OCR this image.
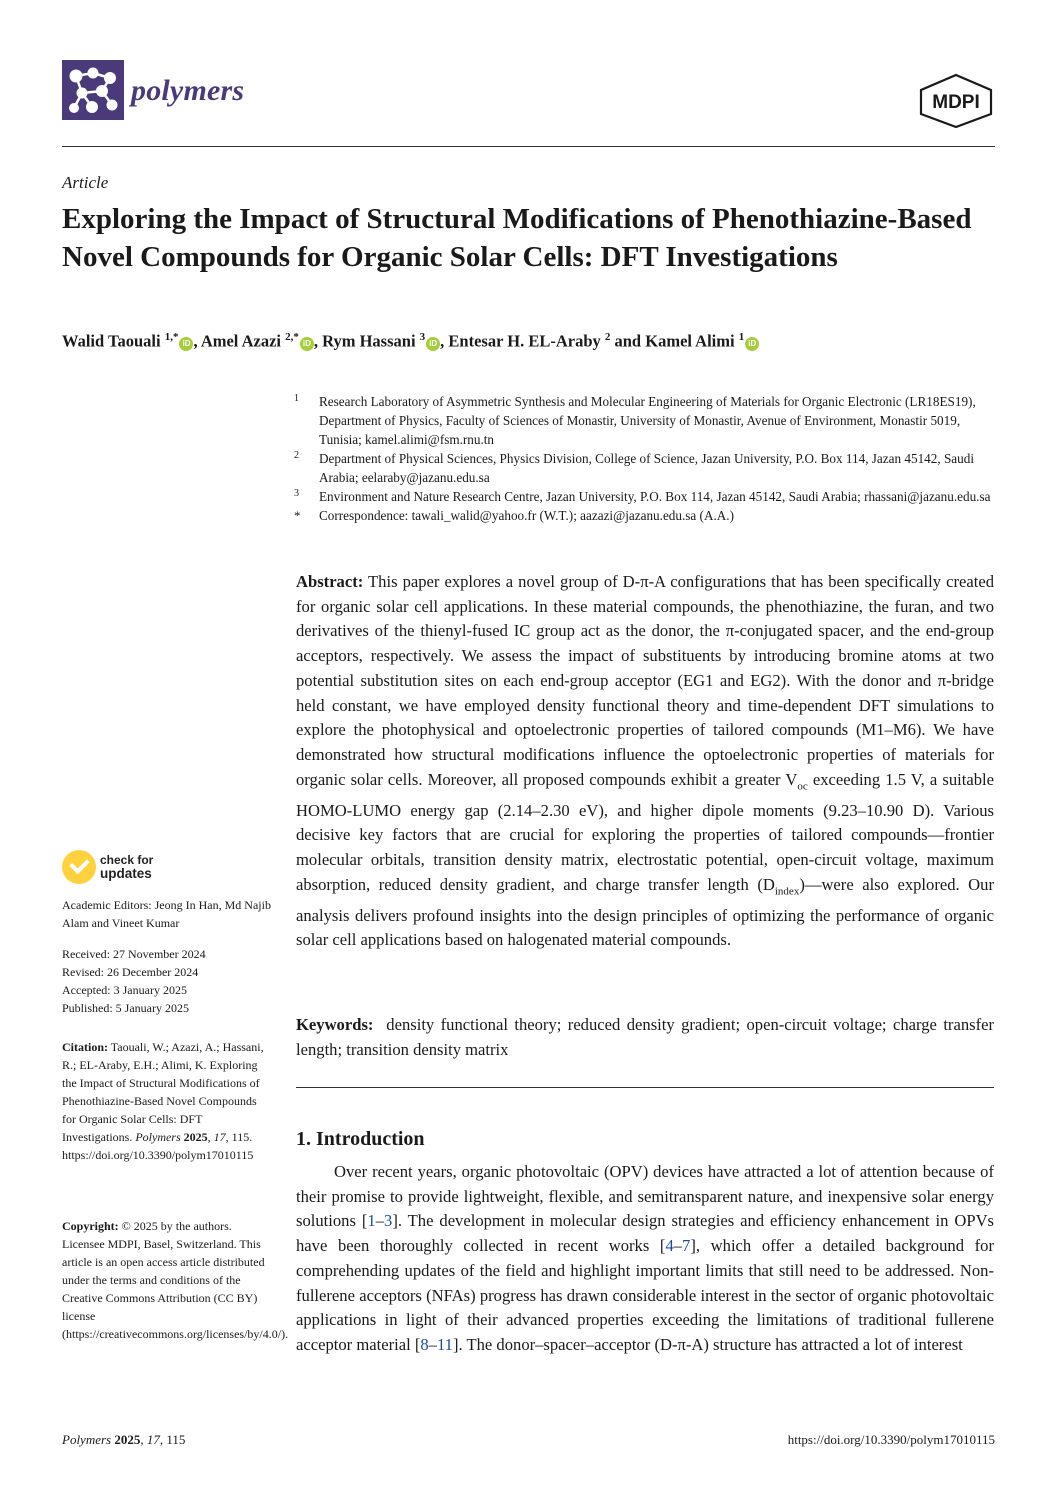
polymers	MDPI
Article
Exploring the Impact of Structural Modifications of Phenothiazine-Based Novel Compounds for Organic Solar Cells: DFT Investigations
Walid Taouali $^{1,*}$ iD , Amel Azazi $^{2,*}$ iD , Rym Hassani $^3$ iD , Entesar H. EL-Araby $^2$ and Kamel Alimi $^1$ iD
1 Research Laboratory of Asymmetric Synthesis and Molecular Engineering of Materials for Organic Electronic (LR18ES19), Department of Physics, Faculty of Sciences of Monastir, University of Monastir, Avenue of Environment, Monastir 5019, Tunisia; kamel.alimi@fsm.rnu.tn
2 Department of Physical Sciences, Physics Division, College of Science, Jazan University, P.O. Box 114, Jazan 45142, Saudi Arabia; eelaraby@jazanu.edu.sa
3 Environment and Nature Research Centre, Jazan University, P.O. Box 114, Jazan 45142, Saudi Arabia; rhassani@jazanu.edu.sa
* Correspondence: tawali_walid@yahoo.fr (W.T.); aazazi@jazanu.edu.sa (A.A.)
Abstract: This paper explores a novel group of D-π-A configurations that has been specifically created for organic solar cell applications. In these material compounds, the phenothiazine, the furan, and two derivatives of the thienyl-fused IC group act as the donor, the π-conjugated spacer, and the end-group acceptors, respectively. We assess the impact of substituents by introducing bromine atoms at two potential substitution sites on each end-group acceptor (EG1 and EG2). With the donor and π-bridge held constant, we have employed density functional theory and time-dependent DFT simulations to explore the photophysical and optoelectronic properties of tailored compounds (M1–M6). We have demonstrated how structural modifications influence the optoelectronic properties of materials for organic solar cells. Moreover, all proposed compounds exhibit a greater $V_{oc}$ exceeding 1.5 V, a suitable HOMO-LUMO energy gap (2.14–2.30 eV), and higher dipole moments (9.23–10.90 D). Various decisive key factors that are crucial for exploring the properties of tailored compounds—frontier molecular orbitals, transition density matrix, electrostatic potential, open-circuit voltage, maximum absorption, reduced density gradient, and charge transfer length $(D_{index})—were$ also explored. Our analysis delivers profound insights into the design principles of optimizing the performance of organic solar cell applications based on halogenated material compounds.
Keywords: density functional theory; reduced density gradient; open-circuit voltage; charge transfer length; transition density matrix
1. Introduction
Over recent years, organic photovoltaic (OPV) devices have attracted a lot of attention because of their promise to provide lightweight, flexible, and semitransparent nature, and inexpensive solar energy solutions [1–3]. The development in molecular design strategies and efficiency enhancement in OPVs have been thoroughly collected in recent works [4–7], which offer a detailed background for comprehending updates of the field and highlight important limits that still need to be addressed. Non-fullerene acceptors (NFAs) progress has drawn considerable interest in the sector of organic photovoltaic applications in light of their advanced properties exceeding the limitations of traditional fullerene acceptor material [8–11]. The donor–spacer–acceptor (D-π-A) structure has attracted a lot of interest
check for
updates
Academic Editors: Jeong In Han, Md Najib Alam and Vineet Kumar
Received: 27 November 2024
Revised: 26 December 2024
Accepted: 3 January 2025
Published: 5 January 2025
Citation: Taouali, W.; Azazi, A.; Hassani, R.; EL-Araby, E.H.; Alimi, K. Exploring the Impact of Structural Modifications of Phenothiazine-Based Novel Compounds for Organic Solar Cells: DFT Investigations. Polymers 2025, 17, 115. https://doi.org/10.3390/polym17010115
Copyright: © 2025 by the authors. Licensee MDPI, Basel, Switzerland. This article is an open access article distributed under the terms and conditions of the Creative Commons Attribution (CC BY) license (https://creativecommons.org/licenses/by/4.0/).
Polymers 2025, 17, 115	https://doi.org/10.3390/polym17010115
